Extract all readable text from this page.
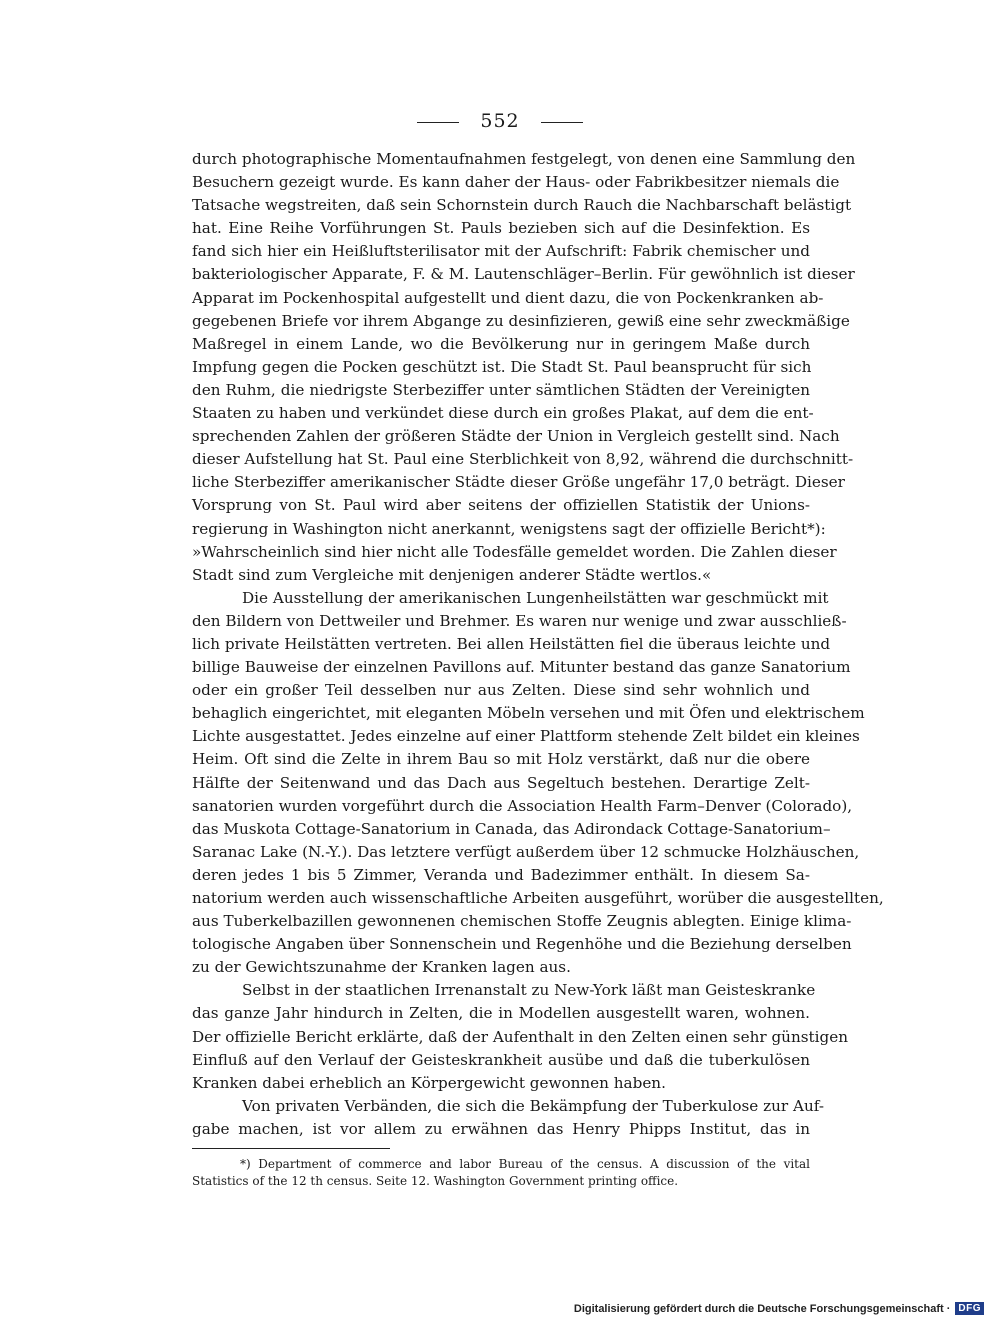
552
durch photographische Momentaufnahmen festgelegt, von denen eine Sammlung den
Besuchern gezeigt wurde. Es kann daher der Haus- oder Fabrikbesitzer niemals die
Tatsache wegstreiten, daß sein Schornstein durch Rauch die Nachbarschaft belästigt
hat. Eine Reihe Vorführungen St. Pauls bezieben sich auf die Desinfektion. Es
fand sich hier ein Heißluftsterilisator mit der Aufschrift: Fabrik chemischer und
bakteriologischer Apparate, F. & M. Lautenschläger–Berlin. Für gewöhnlich ist dieser
Apparat im Pockenhospital aufgestellt und dient dazu, die von Pockenkranken ab-
gegebenen Briefe vor ihrem Abgange zu desinfizieren, gewiß eine sehr zweckmäßige
Maßregel in einem Lande, wo die Bevölkerung nur in geringem Maße durch
Impfung gegen die Pocken geschützt ist. Die Stadt St. Paul beansprucht für sich
den Ruhm, die niedrigste Sterbeziffer unter sämtlichen Städten der Vereinigten
Staaten zu haben und verkündet diese durch ein großes Plakat, auf dem die ent-
sprechenden Zahlen der größeren Städte der Union in Vergleich gestellt sind. Nach
dieser Aufstellung hat St. Paul eine Sterblichkeit von 8,92, während die durchschnitt-
liche Sterbeziffer amerikanischer Städte dieser Größe ungefähr 17,0 beträgt. Dieser
Vorsprung von St. Paul wird aber seitens der offiziellen Statistik der Unions-
regierung in Washington nicht anerkannt, wenigstens sagt der offizielle Bericht*):
»Wahrscheinlich sind hier nicht alle Todesfälle gemeldet worden. Die Zahlen dieser
Stadt sind zum Vergleiche mit denjenigen anderer Städte wertlos.«
Die Ausstellung der amerikanischen Lungenheilstätten war geschmückt mit
den Bildern von Dettweiler und Brehmer. Es waren nur wenige und zwar ausschließ-
lich private Heilstätten vertreten. Bei allen Heilstätten fiel die überaus leichte und
billige Bauweise der einzelnen Pavillons auf. Mitunter bestand das ganze Sanatorium
oder ein großer Teil desselben nur aus Zelten. Diese sind sehr wohnlich und
behaglich eingerichtet, mit eleganten Möbeln versehen und mit Öfen und elektrischem
Lichte ausgestattet. Jedes einzelne auf einer Plattform stehende Zelt bildet ein kleines
Heim. Oft sind die Zelte in ihrem Bau so mit Holz verstärkt, daß nur die obere
Hälfte der Seitenwand und das Dach aus Segeltuch bestehen. Derartige Zelt-
sanatorien wurden vorgeführt durch die Association Health Farm–Denver (Colorado),
das Muskota Cottage-Sanatorium in Canada, das Adirondack Cottage-Sanatorium–
Saranac Lake (N.-Y.). Das letztere verfügt außerdem über 12 schmucke Holzhäuschen,
deren jedes 1 bis 5 Zimmer, Veranda und Badezimmer enthält. In diesem Sa-
natorium werden auch wissenschaftliche Arbeiten ausgeführt, worüber die ausgestellten,
aus Tuberkelbazillen gewonnenen chemischen Stoffe Zeugnis ablegten. Einige klima-
tologische Angaben über Sonnenschein und Regenhöhe und die Beziehung derselben
zu der Gewichtszunahme der Kranken lagen aus.
Selbst in der staatlichen Irrenanstalt zu New-York läßt man Geisteskranke
das ganze Jahr hindurch in Zelten, die in Modellen ausgestellt waren, wohnen.
Der offizielle Bericht erklärte, daß der Aufenthalt in den Zelten einen sehr günstigen
Einfluß auf den Verlauf der Geisteskrankheit ausübe und daß die tuberkulösen
Kranken dabei erheblich an Körpergewicht gewonnen haben.
Von privaten Verbänden, die sich die Bekämpfung der Tuberkulose zur Auf-
gabe machen, ist vor allem zu erwähnen das Henry Phipps Institut, das in
*) Department of commerce and labor Bureau of the census. A discussion of the vital
Statistics of the 12 th census. Seite 12. Washington Government printing office.
Digitalisierung gefördert durch die Deutsche Forschungsgemeinschaft · DFG
